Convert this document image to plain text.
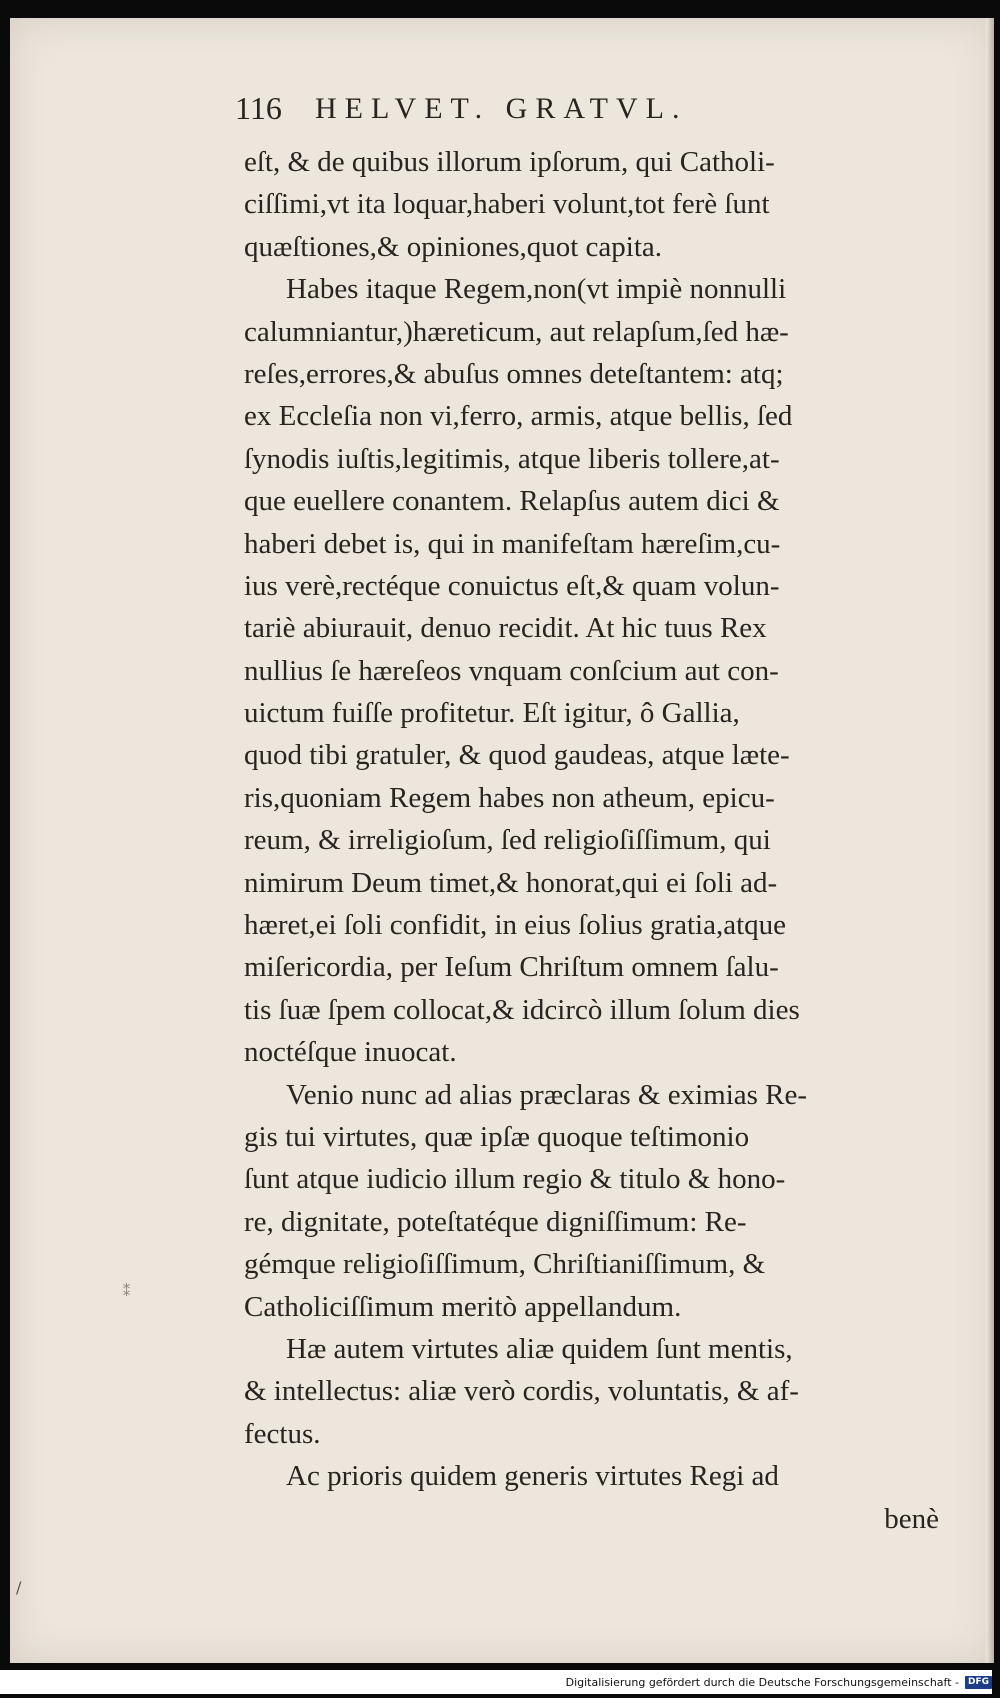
116 HELVET. GRATVL.
eſt, & de quibus illorum ipſorum, qui Catholi-
ciſſimi,vt ita loquar,haberi volunt,tot ferè ſunt
quæſtiones,& opiniones,quot capita.
Habes itaque Regem,non(vt impiè nonnulli
calumniantur,)hæreticum, aut relapſum,ſed hæ-
reſes,errores,& abuſus omnes deteſtantem: atq;
ex Eccleſia non vi,ferro, armis, atque bellis, ſed
ſynodis iuſtis,legitimis, atque liberis tollere,at-
que euellere conantem. Relapſus autem dici &
haberi debet is, qui in manifeſtam hæreſim,cu-
ius verè,rectéque conuictus eſt,& quam volun-
tariè abiurauit, denuo recidit. At hic tuus Rex
nullius ſe hæreſeos vnquam conſcium aut con-
uictum fuiſſe profitetur. Eſt igitur, ô Gallia,
quod tibi gratuler, & quod gaudeas, atque læte-
ris,quoniam Regem habes non atheum, epicu-
reum, & irreligioſum, ſed religioſiſſimum, qui
nimirum Deum timet,& honorat,qui ei ſoli ad-
hæret,ei ſoli confidit, in eius ſolius gratia,atque
miſericordia, per Ieſum Chriſtum omnem ſalu-
tis ſuæ ſpem collocat,& idcircò illum ſolum dies
noctéſque inuocat.
Venio nunc ad alias præclaras & eximias Re-
gis tui virtutes, quæ ipſæ quoque teſtimonio
ſunt atque iudicio illum regio & titulo & hono-
re, dignitate, poteſtatéque digniſſimum: Re-
gémque religioſiſſimum, Chriſtianiſſimum, &
Catholiciſſimum meritò appellandum.
Hæ autem virtutes aliæ quidem ſunt mentis,
& intellectus: aliæ verò cordis, voluntatis, & af-
fectus.
Ac prioris quidem generis virtutes Regi ad
benè
⁑
/
Digitalisierung gefördert durch die Deutsche Forschungsgemeinschaft -	DFG
